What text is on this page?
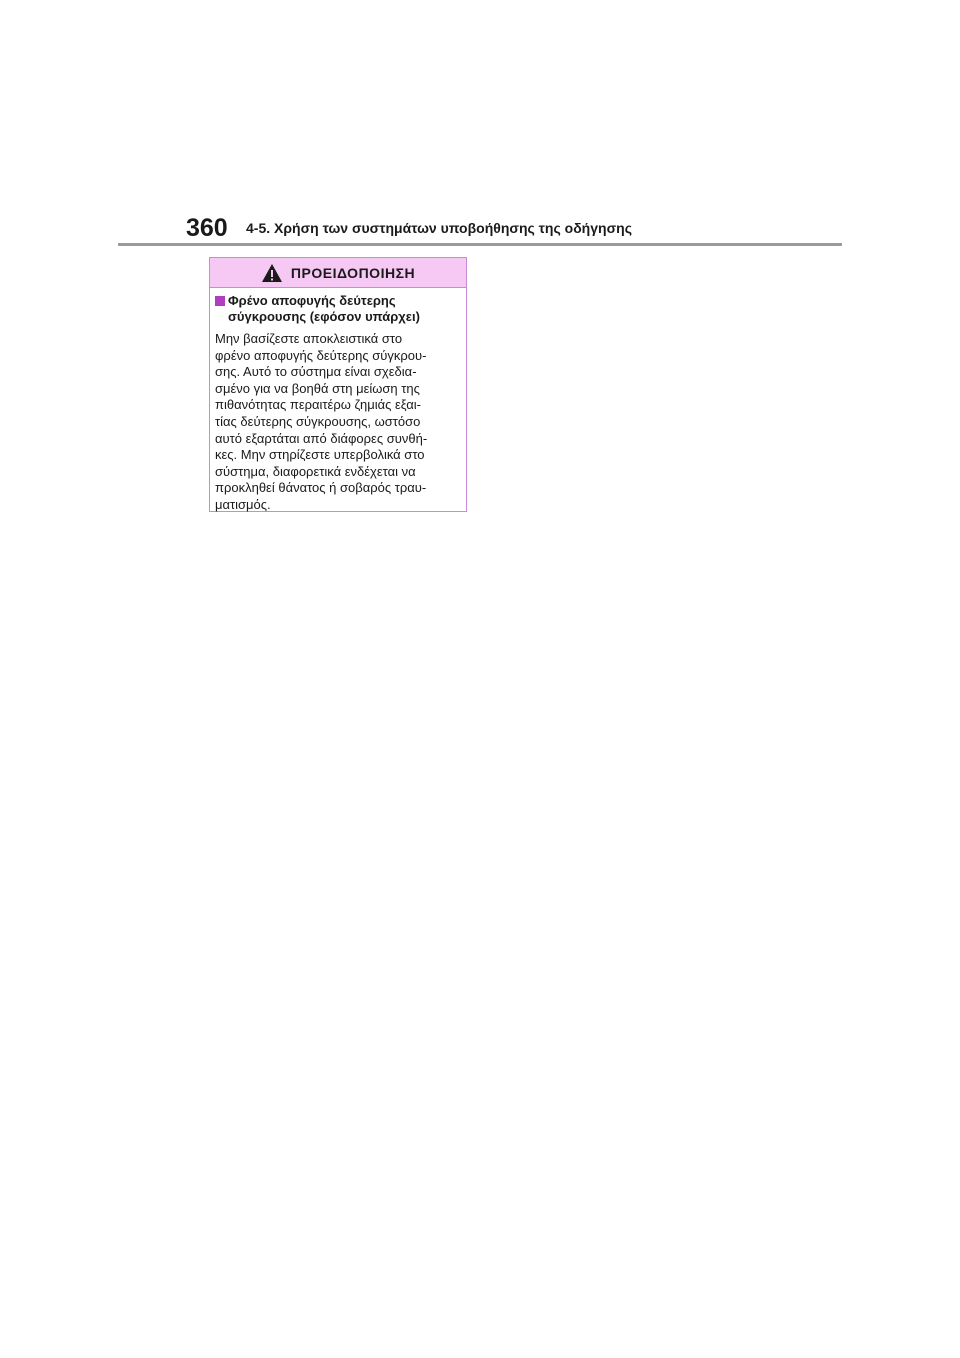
360 4-5. Χρήση των συστημάτων υποβοήθησης της οδήγησης
ΠΡΟΕΙΔΟΠΟΙΗΣΗ
Φρένο αποφυγής δεύτερης
σύγκρουσης (εφόσον υπάρχει)
Μην βασίζεστε αποκλειστικά στο
φρένο αποφυγής δεύτερης σύγκρου-
σης. Αυτό το σύστημα είναι σχεδια-
σμένο για να βοηθά στη μείωση της
πιθανότητας περαιτέρω ζημιάς εξαι-
τίας δεύτερης σύγκρουσης, ωστόσο
αυτό εξαρτάται από διάφορες συνθή-
κες. Μην στηρίζεστε υπερβολικά στο
σύστημα, διαφορετικά ενδέχεται να
προκληθεί θάνατος ή σοβαρός τραυ-
ματισμός.
